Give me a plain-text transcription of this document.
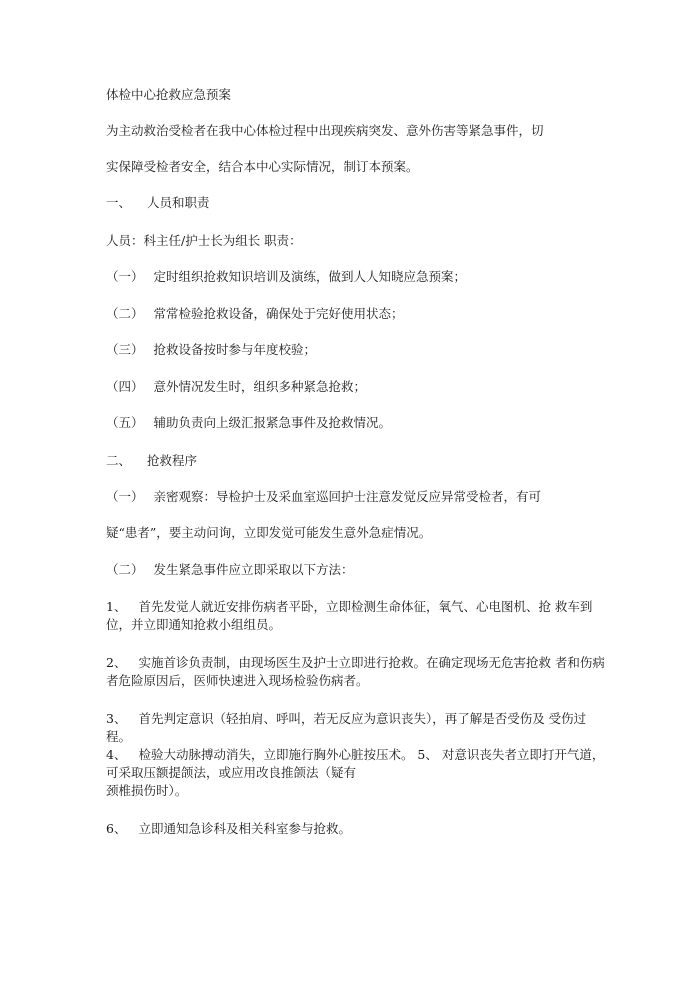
体检中心抢救应急预案

为主动救治受检者在我中心体检过程中出现疾病突发、意外伤害等紧急事件，切

实保障受检者安全，结合本中心实际情况，制订本预案。

一、 人员和职责

人员：科主任/护士长为组长 职责：

（一） 定时组织抢救知识培训及演练，做到人人知晓应急预案；

（二） 常常检验抢救设备，确保处于完好使用状态；

（三） 抢救设备按时参与年度校验；

（四） 意外情况发生时，组织多种紧急抢救；

（五） 辅助负责向上级汇报紧急事件及抢救情况。

二、 抢救程序

（一） 亲密观察：导检护士及采血室巡回护士注意发觉反应异常受检者，有可

疑“患者”，要主动问询，立即发觉可能发生意外急症情况。

（二） 发生紧急事件应立即采取以下方法：

1、 首先发觉人就近安排伤病者平卧，立即检测生命体征，氧气、心电图机、抢 救车到位，并立即通知抢救小组组员。

2、 实施首诊负责制，由现场医生及护士立即进行抢救。在确定现场无危害抢救 者和伤病者危险原因后，医师快速进入现场检验伤病者。

3、 首先判定意识（轻拍肩、呼叫，若无反应为意识丧失），再了解是否受伤及 受伤过程。

4、 检验大动脉搏动消失，立即施行胸外心脏按压术。 5、 对意识丧失者立即打开气道，可采取压额提颌法，或应用改良推颌法（疑有

颈椎损伤时）。

6、 立即通知急诊科及相关科室参与抢救。
